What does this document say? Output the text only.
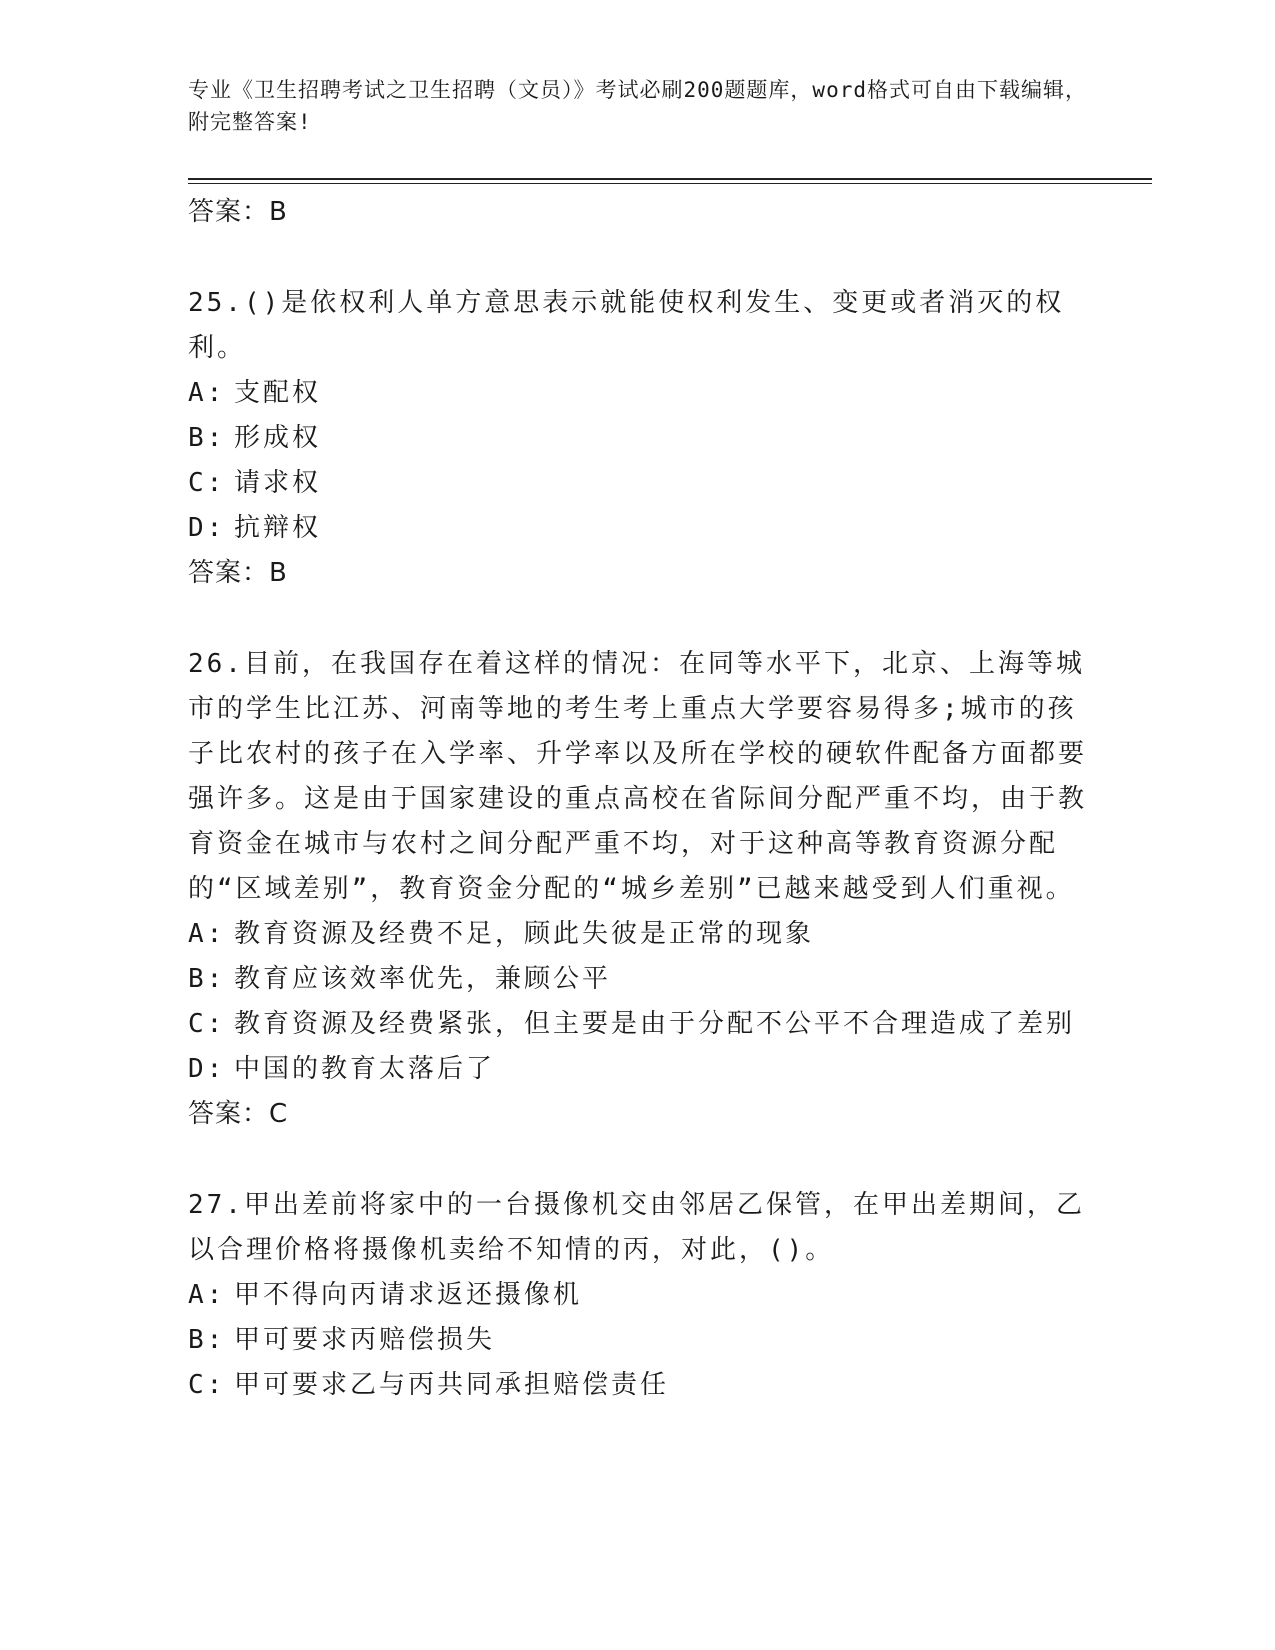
专业《卫生招聘考试之卫生招聘（文员）》考试必刷200题题库，word格式可自由下载编辑，附完整答案!
答案：B
25.()是依权利人单方意思表示就能使权利发生、变更或者消灭的权利。
A: 支配权
B: 形成权
C: 请求权
D: 抗辩权
答案：B
26.目前，在我国存在着这样的情况：在同等水平下，北京、上海等城市的学生比江苏、河南等地的考生考上重点大学要容易得多;城市的孩子比农村的孩子在入学率、升学率以及所在学校的硬软件配备方面都要强许多。这是由于国家建设的重点高校在省际间分配严重不均，由于教育资金在城市与农村之间分配严重不均，对于这种高等教育资源分配的“区域差别”，教育资金分配的“城乡差别”已越来越受到人们重视。
A: 教育资源及经费不足，顾此失彼是正常的现象
B: 教育应该效率优先，兼顾公平
C: 教育资源及经费紧张，但主要是由于分配不公平不合理造成了差别
D: 中国的教育太落后了
答案：C
27.甲出差前将家中的一台摄像机交由邻居乙保管，在甲出差期间，乙以合理价格将摄像机卖给不知情的丙，对此，()。
A: 甲不得向丙请求返还摄像机
B: 甲可要求丙赔偿损失
C: 甲可要求乙与丙共同承担赔偿责任
